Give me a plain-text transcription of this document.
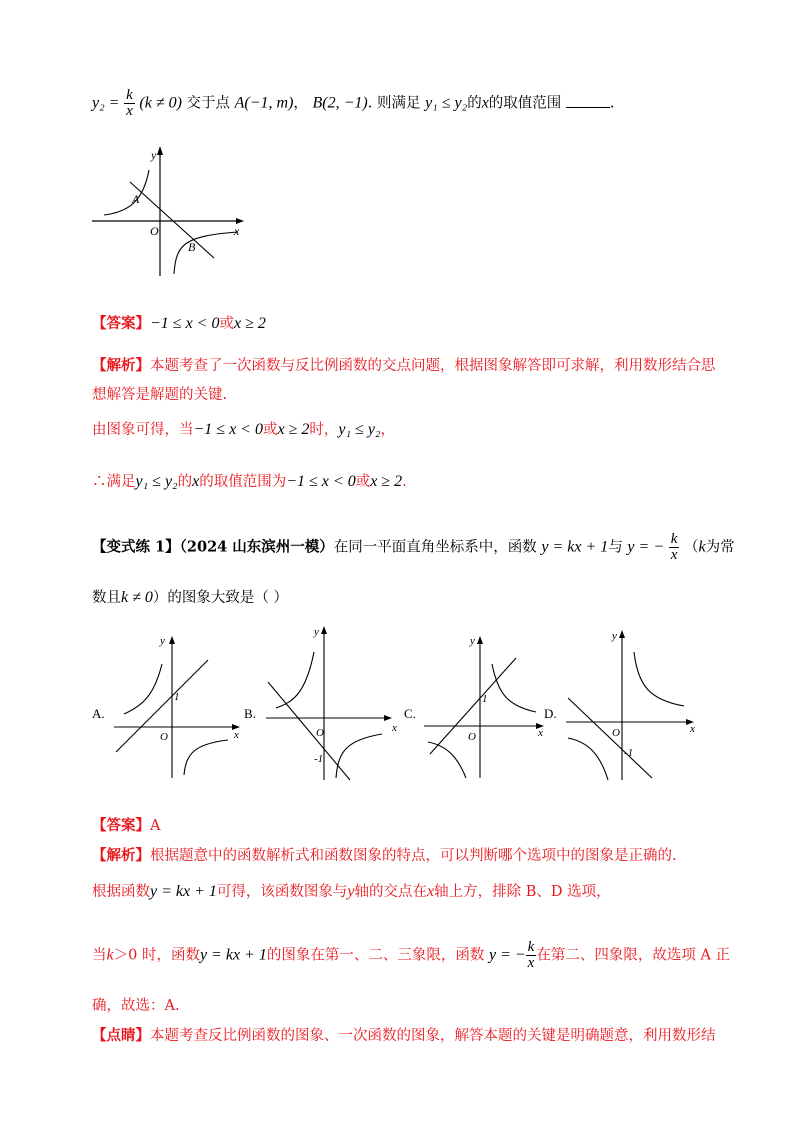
$y_2 = \frac{k}{x} (k \ne 0)$ 交于点 A(−1, m)， B(2, −1). 则满足 y₁ ≤ y₂的x的取值范围	.
y
x
O
A
B
【答案】−1 ≤ x < 0或x ≥ 2
【解析】本题考查了一次函数与反比例函数的交点问题，根据图象解答即可求解，利用数形结合思
想解答是解题的关键.
由图象可得，当−1 ≤ x < 0或x ≥ 2时，y₁ ≤ y₂，
∴满足y₁ ≤ y₂的x的取值范围为−1 ≤ x < 0或x ≥ 2.
【变式练 1】（2024 山东滨州一模）在同一平面直角坐标系中，函数 y = kx + 1与 y = − $\frac{k}{x} (k$为常
数且k ≠ 0）的图象大致是（ ）
A.
y
x
O
1
B.
y
x
O
-1
C.
y
x
O
1
D.
y
x
O
-1
【答案】A
【解析】根据题意中的函数解析式和函数图象的特点，可以判断哪个选项中的图象是正确的.
根据函数y = kx + 1可得，该函数图象与y轴的交点在x轴上方，排除 B、D 选项，
当k＞0 时，函数y = kx + 1的图象在第一、二、三象限，函数 y = − $\frac{k}{x}$ 在第二、四象限，故选项 A 正
确，故选：A.
【点睛】本题考查反比例函数的图象、一次函数的图象，解答本题的关键是明确题意，利用数形结
